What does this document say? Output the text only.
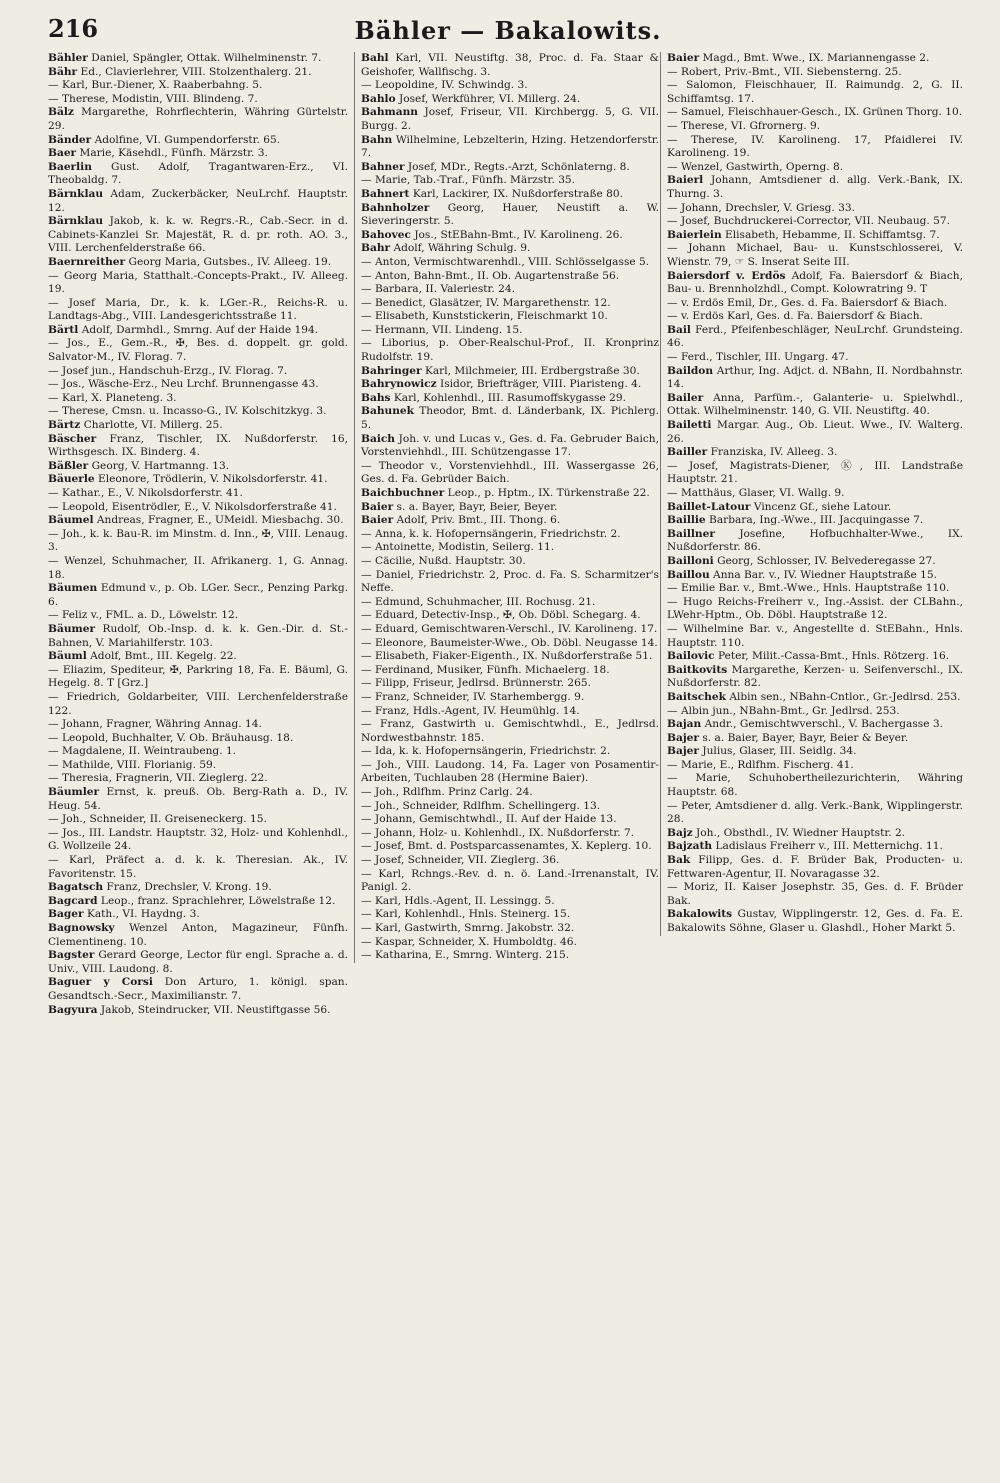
216	Bähler — Bakalowits.

Bähler Daniel, Spängler, Ottak. Wilhelminenstr. 7.

Bähr Ed., Clavierlehrer, VIII. Stolzenthalerg. 21.

— Karl, Bur.-Diener, X. Raaberbahng. 5.

— Therese, Modistin, VIII. Blindeng. 7.

Bälz Margarethe, Rohrflechterin, Währing Gürtelstr. 29.

Bänder Adolfine, VI. Gumpendorferstr. 65.

Baer Marie, Käsehdl., Fünfh. Märzstr. 3.

Baerlin Gust. Adolf, Tragantwaren-Erz., VI. Theobaldg. 7.

Bärnklau Adam, Zuckerbäcker, NeuLrchf. Hauptstr. 12.

Bärnklau Jakob, k. k. w. Regrs.-R., Cab.-Secr. in d. Cabinets-Kanzlei Sr. Majestät, R. d. pr. roth. AO. 3., VIII. Lerchenfelderstraße 66.

Baernreither Georg Maria, Gutsbes., IV. Alleeg. 19.

— Georg Maria, Statthalt.-Concepts-Prakt., IV. Alleeg. 19.

— Josef Maria, Dr., k. k. LGer.-R., Reichs-R. u. Landtags-Abg., VIII. Landesgerichtsstraße 11.

Bärtl Adolf, Darmhdl., Smrng. Auf der Haide 194.

— Jos., E., Gem.-R., ✠, Bes. d. doppelt. gr. gold. Salvator-M., IV. Florag. 7.

— Josef jun., Handschuh-Erzg., IV. Florag. 7.

— Jos., Wäsche-Erz., Neu Lrchf. Brunnengasse 43.

— Karl, X. Planeteng. 3.

— Therese, Cmsn. u. Incasso-G., IV. Kolschitzkyg. 3.

Bärtz Charlotte, VI. Millerg. 25.

Bäscher Franz, Tischler, IX. Nußdorferstr. 16, Wirthsgesch. IX. Binderg. 4.

Bäßler Georg, V. Hartmanng. 13.

Bäuerle Eleonore, Trödlerin, V. Nikolsdorferstr. 41.

— Kathar., E., V. Nikolsdorferstr. 41.

— Leopold, Eisentrödler, E., V. Nikolsdorferstraße 41.

Bäumel Andreas, Fragner, E., UMeidl. Miesbachg. 30.

— Joh., k. k. Bau-R. im Minstm. d. Inn., ✠, VIII. Lenaug. 3.

— Wenzel, Schuhmacher, II. Afrikanerg. 1, G. Annag. 18.

Bäumen Edmund v., p. Ob. LGer. Secr., Penzing Parkg. 6.

— Feliz v., FML. a. D., Löwelstr. 12.

Bäumer Rudolf, Ob.-Insp. d. k. k. Gen.-Dir. d. St.-Bahnen, V. Mariahilferstr. 103.

Bäuml Adolf, Bmt., III. Kegelg. 22.

— Eliazim, Spediteur, ✠, Parkring 18, Fa. E. Bäuml, G. Hegelg. 8. T [Grz.]

— Friedrich, Goldarbeiter, VIII. Lerchenfelderstraße 122.

— Johann, Fragner, Währing Annag. 14.

— Leopold, Buchhalter, V. Ob. Bräuhausg. 18.

— Magdalene, II. Weintraubeng. 1.

— Mathilde, VIII. Florianig. 59.

— Theresia, Fragnerin, VII. Zieglerg. 22.

Bäumler Ernst, k. preuß. Ob. Berg-Rath a. D., IV. Heug. 54.

— Joh., Schneider, II. Greiseneckerg. 15.

— Jos., III. Landstr. Hauptstr. 32, Holz- und Kohlenhdl., G. Wollzeile 24.

— Karl, Präfect a. d. k. k. Theresian. Ak., IV. Favoritenstr. 15.

Bagatsch Franz, Drechsler, V. Krong. 19.

Bagcard Leop., franz. Sprachlehrer, Löwelstraße 12.

Bager Kath., VI. Haydng. 3.

Bagnowsky Wenzel Anton, Magazineur, Fünfh. Clementineng. 10.

Bagster Gerard George, Lector für engl. Sprache a. d. Univ., VIII. Laudong. 8.

Baguer y Corsi Don Arturo, 1. königl. span. Gesandtsch.-Secr., Maximilianstr. 7.

Bagyura Jakob, Steindrucker, VII. Neustiftgasse 56.

Bahl Karl, VII. Neustiftg. 38, Proc. d. Fa. Staar & Geishofer, Wallfischg. 3.

— Leopoldine, IV. Schwindg. 3.

Bahlo Josef, Werkführer, VI. Millerg. 24.

Bahmann Josef, Friseur, VII. Kirchbergg. 5, G. VII. Burgg. 2.

Bahn Wilhelmine, Lebzelterin, Hzing. Hetzendorferstr. 7.

Bahner Josef, MDr., Regts.-Arzt, Schönlaterng. 8.

— Marie, Tab.-Traf., Fünfh. Märzstr. 35.

Bahnert Karl, Lackirer, IX. Nußdorferstraße 80.

Bahnholzer Georg, Hauer, Neustift a. W. Sieveringerstr. 5.

Bahovec Jos., StEBahn-Bmt., IV. Karolineng. 26.

Bahr Adolf, Währing Schulg. 9.

— Anton, Vermischtwarenhdl., VIII. Schlösselgasse 5.

— Anton, Bahn-Bmt., II. Ob. Augartenstraße 56.

— Barbara, II. Valeriestr. 24.

— Benedict, Glasätzer, IV. Margarethenstr. 12.

— Elisabeth, Kunststickerin, Fleischmarkt 10.

— Hermann, VII. Lindeng. 15.

— Liborius, p. Ober-Realschul-Prof., II. Kronprinz Rudolfstr. 19.

Bahringer Karl, Milchmeier, III. Erdbergstraße 30.

Bahrynowicz Isidor, Briefträger, VIII. Piaristeng. 4.

Bahs Karl, Kohlenhdl., III. Rasumoffskygasse 29.

Bahunek Theodor, Bmt. d. Länderbank, IX. Pichlerg. 5.

Baich Joh. v. und Lucas v., Ges. d. Fa. Gebruder Baich, Vorstenviehhdl., III. Schützengasse 17.

— Theodor v., Vorstenviehhdl., III. Wassergasse 26, Ges. d. Fa. Gebrüder Baich.

Baichbuchner Leop., p. Hptm., IX. Türkenstraße 22.

Baier s. a. Bayer, Bayr, Beier, Beyer.

Baier Adolf, Priv. Bmt., III. Thong. 6.

— Anna, k. k. Hofopernsängerin, Friedrichstr. 2.

— Antoinette, Modistin, Seilerg. 11.

— Cäcilie, Nußd. Hauptstr. 30.

— Daniel, Friedrichstr. 2, Proc. d. Fa. S. Scharmitzer's Neffe.

— Edmund, Schuhmacher, III. Rochusg. 21.

— Eduard, Detectiv-Insp., ✠, Ob. Döbl. Schegarg. 4.

— Eduard, Gemischtwaren-Verschl., IV. Karolineng. 17.

— Eleonore, Baumeister-Wwe., Ob. Döbl. Neugasse 14.

— Elisabeth, Fiaker-Eigenth., IX. Nußdorferstraße 51.

— Ferdinand, Musiker, Fünfh. Michaelerg. 18.

— Filipp, Friseur, Jedlrsd. Brünnerstr. 265.

— Franz, Schneider, IV. Starhembergg. 9.

— Franz, Hdls.-Agent, IV. Heumühlg. 14.

— Franz, Gastwirth u. Gemischtwhdl., E., Jedlrsd. Nordwestbahnstr. 185.

— Ida, k. k. Hofopernsängerin, Friedrichstr. 2.

— Joh., VIII. Laudong. 14, Fa. Lager von Posamentir-Arbeiten, Tuchlauben 28 (Hermine Baier).

— Joh., Rdlfhm. Prinz Carlg. 24.

— Joh., Schneider, Rdlfhm. Schellingerg. 13.

— Johann, Gemischtwhdl., II. Auf der Haide 13.

— Johann, Holz- u. Kohlenhdl., IX. Nußdorferstr. 7.

— Josef, Bmt. d. Postsparcassenamtes, X. Keplerg. 10.

— Josef, Schneider, VII. Zieglerg. 36.

— Karl, Rchngs.-Rev. d. n. ö. Land.-Irrenanstalt, IV. Panigl. 2.

— Karl, Hdls.-Agent, II. Lessingg. 5.

— Karl, Kohlenhdl., Hnls. Steinerg. 15.

— Karl, Gastwirth, Smrng. Jakobstr. 32.

— Kaspar, Schneider, X. Humboldtg. 46.

— Katharina, E., Smrng. Winterg. 215.

Baier Magd., Bmt. Wwe., IX. Mariannengasse 2.

— Robert, Priv.-Bmt., VII. Siebensterng. 25.

— Salomon, Fleischhauer, II. Raimundg. 2, G. II. Schiffamtsg. 17.

— Samuel, Fleischhauer-Gesch., IX. Grünen Thorg. 10.

— Therese, VI. Gfrornerg. 9.

— Therese, IV. Karolineng. 17, Pfaidlerei IV. Karolineng. 19.

— Wenzel, Gastwirth, Operng. 8.

Baierl Johann, Amtsdiener d. allg. Verk.-Bank, IX. Thurng. 3.

— Johann, Drechsler, V. Griesg. 33.

— Josef, Buchdruckerei-Corrector, VII. Neubaug. 57.

Baierlein Elisabeth, Hebamme, II. Schiffamtsg. 7.

— Johann Michael, Bau- u. Kunstschlosserei, V. Wienstr. 79, ☞ S. Inserat Seite III.

Baiersdorf v. Erdös Adolf, Fa. Baiersdorf & Biach, Bau- u. Brennholzhdl., Compt. Kolowratring 9. T

— v. Erdös Emil, Dr., Ges. d. Fa. Baiersdorf & Biach.

— v. Erdös Karl, Ges. d. Fa. Baiersdorf & Biach.

Bail Ferd., Pfeifenbeschläger, NeuLrchf. Grundsteing. 46.

— Ferd., Tischler, III. Ungarg. 47.

Baildon Arthur, Ing. Adjct. d. NBahn, II. Nordbahnstr. 14.

Bailer Anna, Parfüm.-, Galanterie- u. Spielwhdl., Ottak. Wilhelminenstr. 140, G. VII. Neustiftg. 40.

Bailetti Margar. Aug., Ob. Lieut. Wwe., IV. Walterg. 26.

Bailler Franziska, IV. Alleeg. 3.

— Josef, Magistrats-Diener, Ⓚ, III. Landstraße Hauptstr. 21.

— Matthäus, Glaser, VI. Wallg. 9.

Baillet-Latour Vincenz Gf., siehe Latour.

Baillie Barbara, Ing.-Wwe., III. Jacquingasse 7.

Baillner Josefine, Hofbuchhalter-Wwe., IX. Nußdorferstr. 86.

Bailloni Georg, Schlosser, IV. Belvederegasse 27.

Baillou Anna Bar. v., IV. Wiedner Hauptstraße 15.

— Emilie Bar. v., Bmt.-Wwe., Hnls. Hauptstraße 110.

— Hugo Reichs-Freiherr v., Ing.-Assist. der CLBahn., LWehr-Hptm., Ob. Döbl. Hauptstraße 12.

— Wilhelmine Bar. v., Angestellte d. StEBahn., Hnls. Hauptstr. 110.

Bailovic Peter, Milit.-Cassa-Bmt., Hnls. Rötzerg. 16.

Baitkovits Margarethe, Kerzen- u. Seifenverschl., IX. Nußdorferstr. 82.

Baitschek Albin sen., NBahn-Cntlor., Gr.-Jedlrsd. 253.

— Albin jun., NBahn-Bmt., Gr. Jedlrsd. 253.

Bajan Andr., Gemischtwverschl., V. Bachergasse 3.

Bajer s. a. Baier, Bayer, Bayr, Beier & Beyer.

Bajer Julius, Glaser, III. Seidlg. 34.

— Marie, E., Rdlfhm. Fischerg. 41.

— Marie, Schuhobertheilezurichterin, Währing Hauptstr. 68.

— Peter, Amtsdiener d. allg. Verk.-Bank, Wipplingerstr. 28.

Bajz Joh., Obsthdl., IV. Wiedner Hauptstr. 2.

Bajzath Ladislaus Freiherr v., III. Metternichg. 11.

Bak Filipp, Ges. d. F. Brüder Bak, Producten- u. Fettwaren-Agentur, II. Novaragasse 32.

— Moriz, II. Kaiser Josephstr. 35, Ges. d. F. Brüder Bak.

Bakalowits Gustav, Wipplingerstr. 12, Ges. d. Fa. E. Bakalowits Söhne, Glaser u. Glashdl., Hoher Markt 5.
